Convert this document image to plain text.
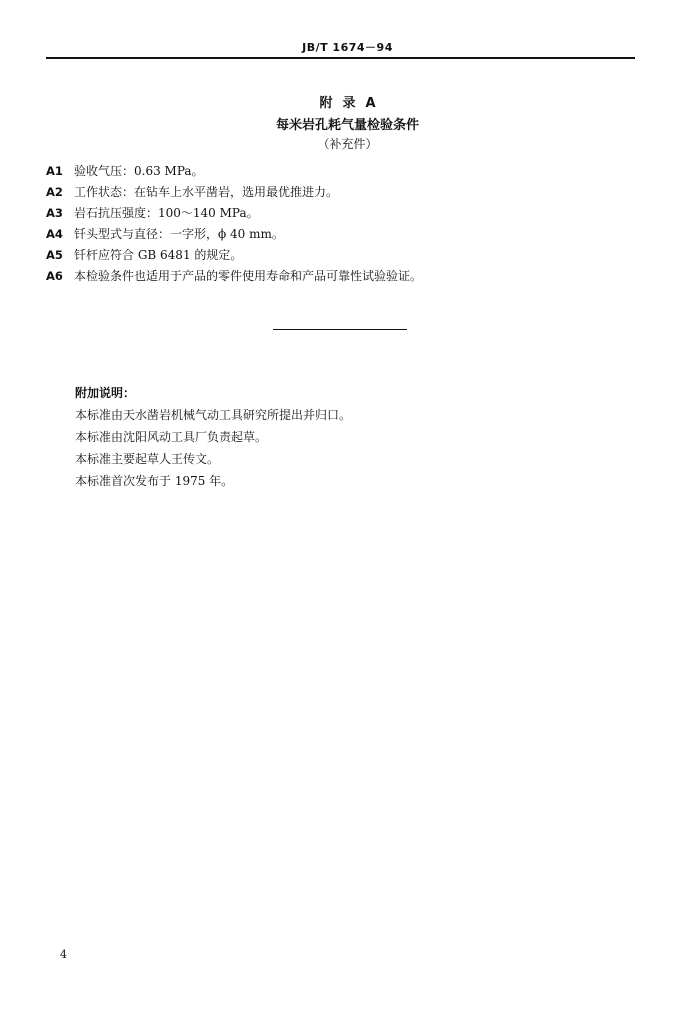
JB/T 1674－94
附 录 A
每米岩孔耗气量检验条件
（补充件）
A1 验收气压：0.63 MPa。
A2 工作状态：在钻车上水平凿岩，选用最优推进力。
A3 岩石抗压强度：100～140 MPa。
A4 钎头型式与直径：一字形，ϕ 40 mm。
A5 钎杆应符合 GB 6481 的规定。
A6 本检验条件也适用于产品的零件使用寿命和产品可靠性试验验证。
附加说明：
本标准由天水凿岩机械气动工具研究所提出并归口。
本标准由沈阳风动工具厂负责起草。
本标准主要起草人王传文。
本标准首次发布于 1975 年。
4
